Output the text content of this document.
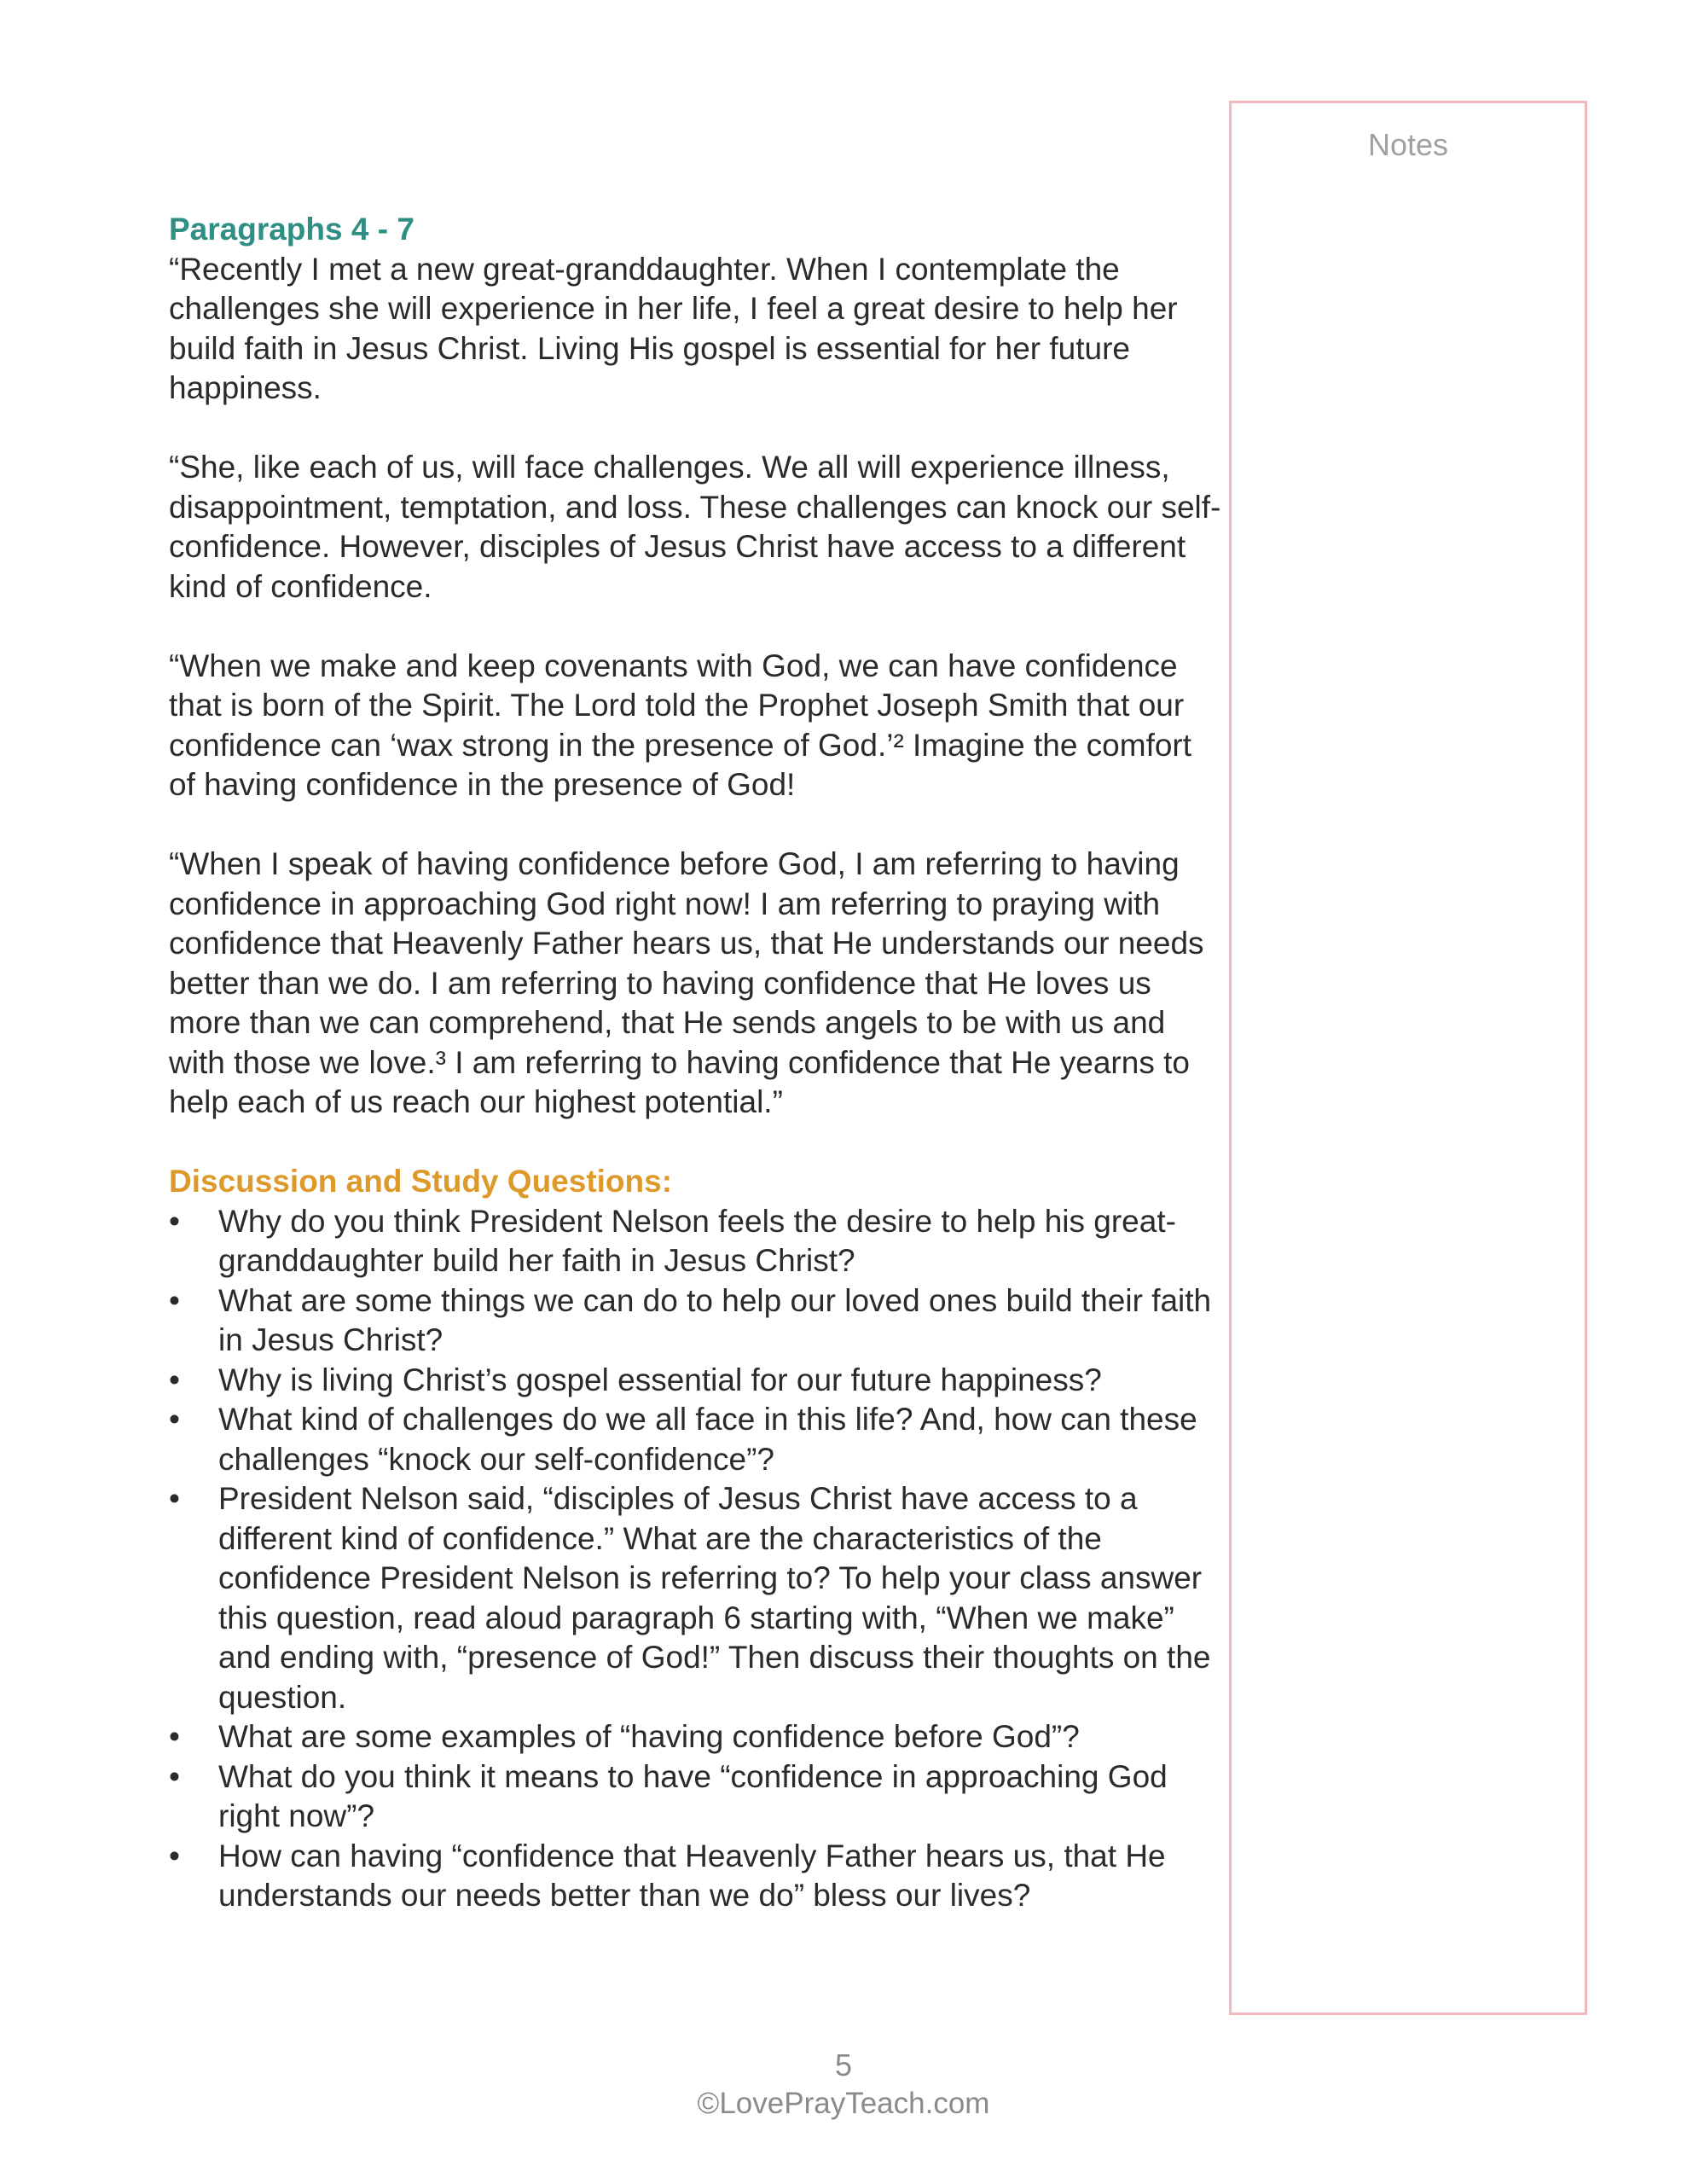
Notes

Paragraphs 4 - 7

“Recently I met a new great-granddaughter. When I contemplate the challenges she will experience in her life, I feel a great desire to help her build faith in Jesus Christ. Living His gospel is essential for her future happiness.

“She, like each of us, will face challenges. We all will experience illness, disappointment, temptation, and loss. These challenges can knock our self-confidence. However, disciples of Jesus Christ have access to a different kind of confidence.

“When we make and keep covenants with God, we can have confidence that is born of the Spirit. The Lord told the Prophet Joseph Smith that our confidence can ‘wax strong in the presence of God.’² Imagine the comfort of having confidence in the presence of God!

“When I speak of having confidence before God, I am referring to having confidence in approaching God right now! I am referring to praying with confidence that Heavenly Father hears us, that He understands our needs better than we do. I am referring to having confidence that He loves us more than we can comprehend, that He sends angels to be with us and with those we love.³ I am referring to having confidence that He yearns to help each of us reach our highest potential.”

Discussion and Study Questions:

• Why do you think President Nelson feels the desire to help his great-granddaughter build her faith in Jesus Christ?
• What are some things we can do to help our loved ones build their faith in Jesus Christ?
• Why is living Christ’s gospel essential for our future happiness?
• What kind of challenges do we all face in this life? And, how can these challenges “knock our self-confidence”?
• President Nelson said, “disciples of Jesus Christ have access to a different kind of confidence.” What are the characteristics of the confidence President Nelson is referring to? To help your class answer this question, read aloud paragraph 6 starting with, “When we make” and ending with, “presence of God!” Then discuss their thoughts on the question.
• What are some examples of “having confidence before God”?
• What do you think it means to have “confidence in approaching God right now”?
• How can having “confidence that Heavenly Father hears us, that He understands our needs better than we do” bless our lives?
5
©LovePrayTeach.com
